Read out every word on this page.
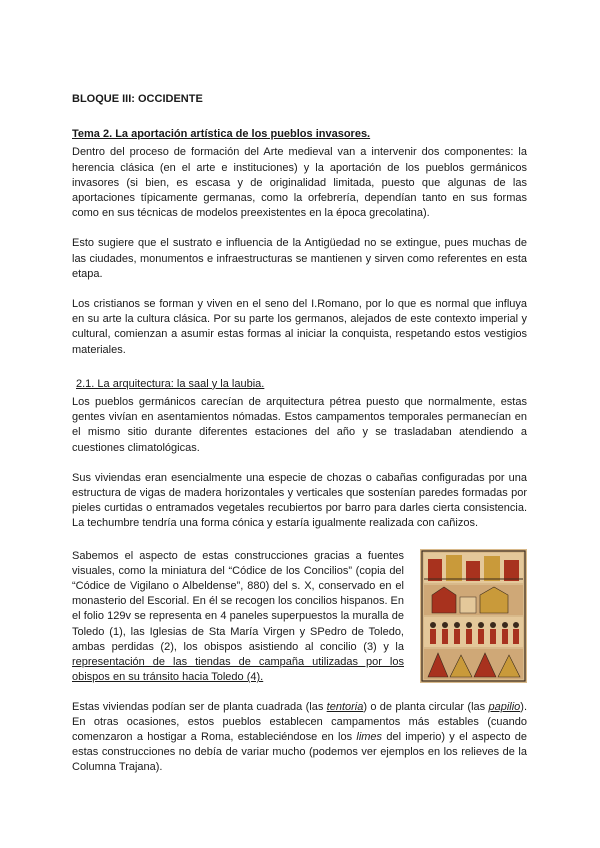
BLOQUE III: OCCIDENTE
Tema 2. La aportación artística de los pueblos invasores.

Dentro del proceso de formación del Arte medieval van a intervenir dos componentes: la herencia clásica (en el arte e instituciones) y la aportación de los pueblos germánicos invasores (si bien, es escasa y de originalidad limitada, puesto que algunas de las aportaciones típicamente germanas, como la orfebrería, dependían tanto en sus formas como en sus técnicas de modelos preexistentes en la época grecolatina).

Esto sugiere que el sustrato e influencia de la Antigüedad no se extingue, pues muchas de las ciudades, monumentos e infraestructuras se mantienen y sirven como referentes en esta etapa.

Los cristianos se forman y viven en el seno del I.Romano, por lo que es normal que influya en su arte la cultura clásica. Por su parte los germanos, alejados de este contexto imperial y cultural, comienzan a asumir estas formas al iniciar la conquista, respetando estos vestigios materiales.

2.1. La arquitectura: la saal y la laubia.

Los pueblos germánicos carecían de arquitectura pétrea puesto que normalmente, estas gentes vivían en asentamientos nómadas. Estos campamentos temporales permanecían en el mismo sitio durante diferentes estaciones del año y se trasladaban atendiendo a cuestiones climatológicas.

Sus viviendas eran esencialmente una especie de chozas o cabañas configuradas por una estructura de vigas de madera horizontales y verticales que sostenían paredes formadas por pieles curtidas o entramados vegetales recubiertos por barro para darles cierta consistencia. La techumbre tendría una forma cónica y estaría igualmente realizada con cañizos.

Sabemos el aspecto de estas construcciones gracias a fuentes visuales, como la miniatura del “Códice de los Concilios” (copia del “Códice de Vigilano o Albeldense”, 880) del s. X, conservado en el monasterio del Escorial. En él se recogen los concilios hispanos. En el folio 129v se representa en 4 paneles superpuestos la muralla de Toledo (1), las Iglesias de Sta María Virgen y SPedro de Toledo, ambas perdidas (2), los obispos asistiendo al concilio (3) y la representación de las tiendas de campaña utilizadas por los obispos en su tránsito hacia Toledo (4).

Estas viviendas podían ser de planta cuadrada (las tentoria) o de planta circular (las papilio). En otras ocasiones, estos pueblos establecen campamentos más estables (cuando comenzaron a hostigar a Roma, estableciéndose en los limes del imperio) y el aspecto de estas construcciones no debía de variar mucho (podemos ver ejemplos en los relieves de la Columna Trajana).
